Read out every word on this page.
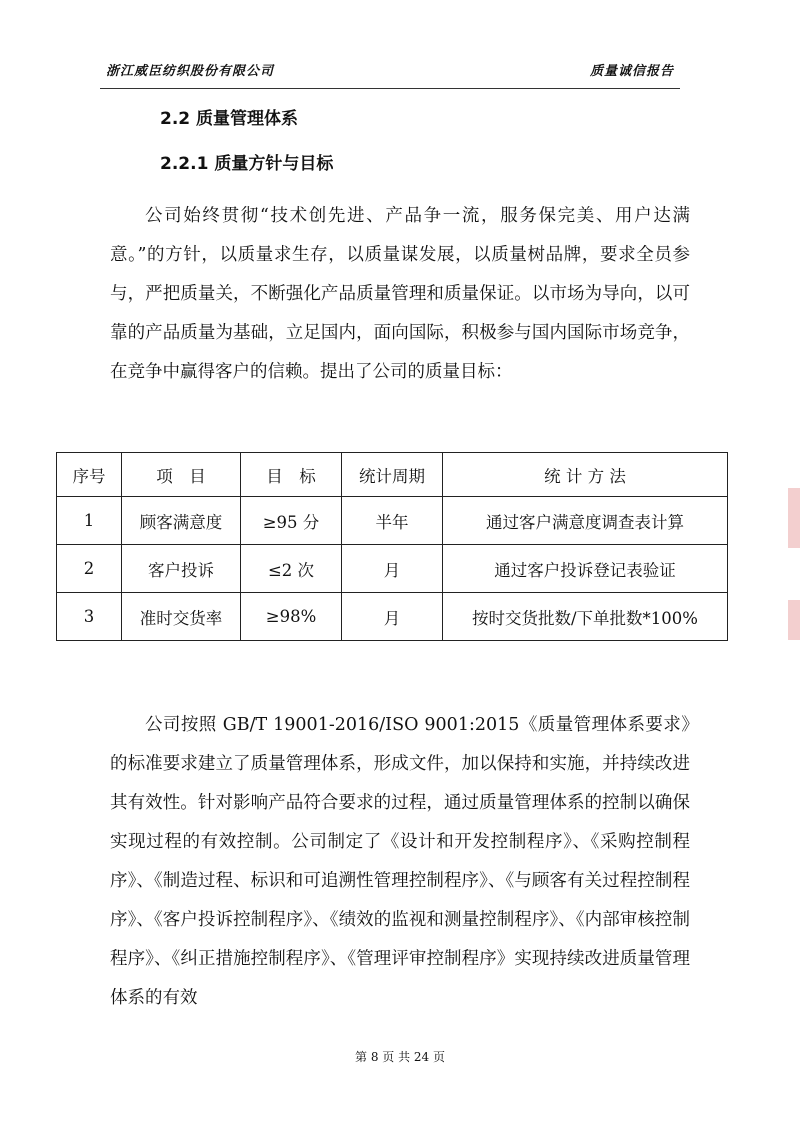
浙江威臣纺织股份有限公司	质量诚信报告
2.2 质量管理体系
2.2.1 质量方针与目标

公司始终贯彻“技术创先进、产品争一流，服务保完美、用户达满意。”的方针，以质量求生存，以质量谋发展，以质量树品牌，要求全员参与，严把质量关，不断强化产品质量管理和质量保证。以市场为导向，以可靠的产品质量为基础，立足国内，面向国际，积极参与国内国际市场竞争，在竞争中赢得客户的信赖。提出了公司的质量目标：

序号	项　目	目　标	统计周期	统 计 方 法
1	顾客满意度	≥95 分	半年	通过客户满意度调查表计算
2	客户投诉	≤2 次	月	通过客户投诉登记表验证
3	准时交货率	≥98%	月	按时交货批数/下单批数*100%

公司按照 GB/T 19001-2016/ISO 9001:2015《质量管理体系要求》的标准要求建立了质量管理体系，形成文件，加以保持和实施，并持续改进其有效性。针对影响产品符合要求的过程，通过质量管理体系的控制以确保实现过程的有效控制。公司制定了《设计和开发控制程序》、《采购控制程序》、《制造过程、标识和可追溯性管理控制程序》、《与顾客有关过程控制程序》、《客户投诉控制程序》、《绩效的监视和测量控制程序》、《内部审核控制程序》、《纠正措施控制程序》、《管理评审控制程序》实现持续改进质量管理体系的有效

第 8 页 共 24 页
